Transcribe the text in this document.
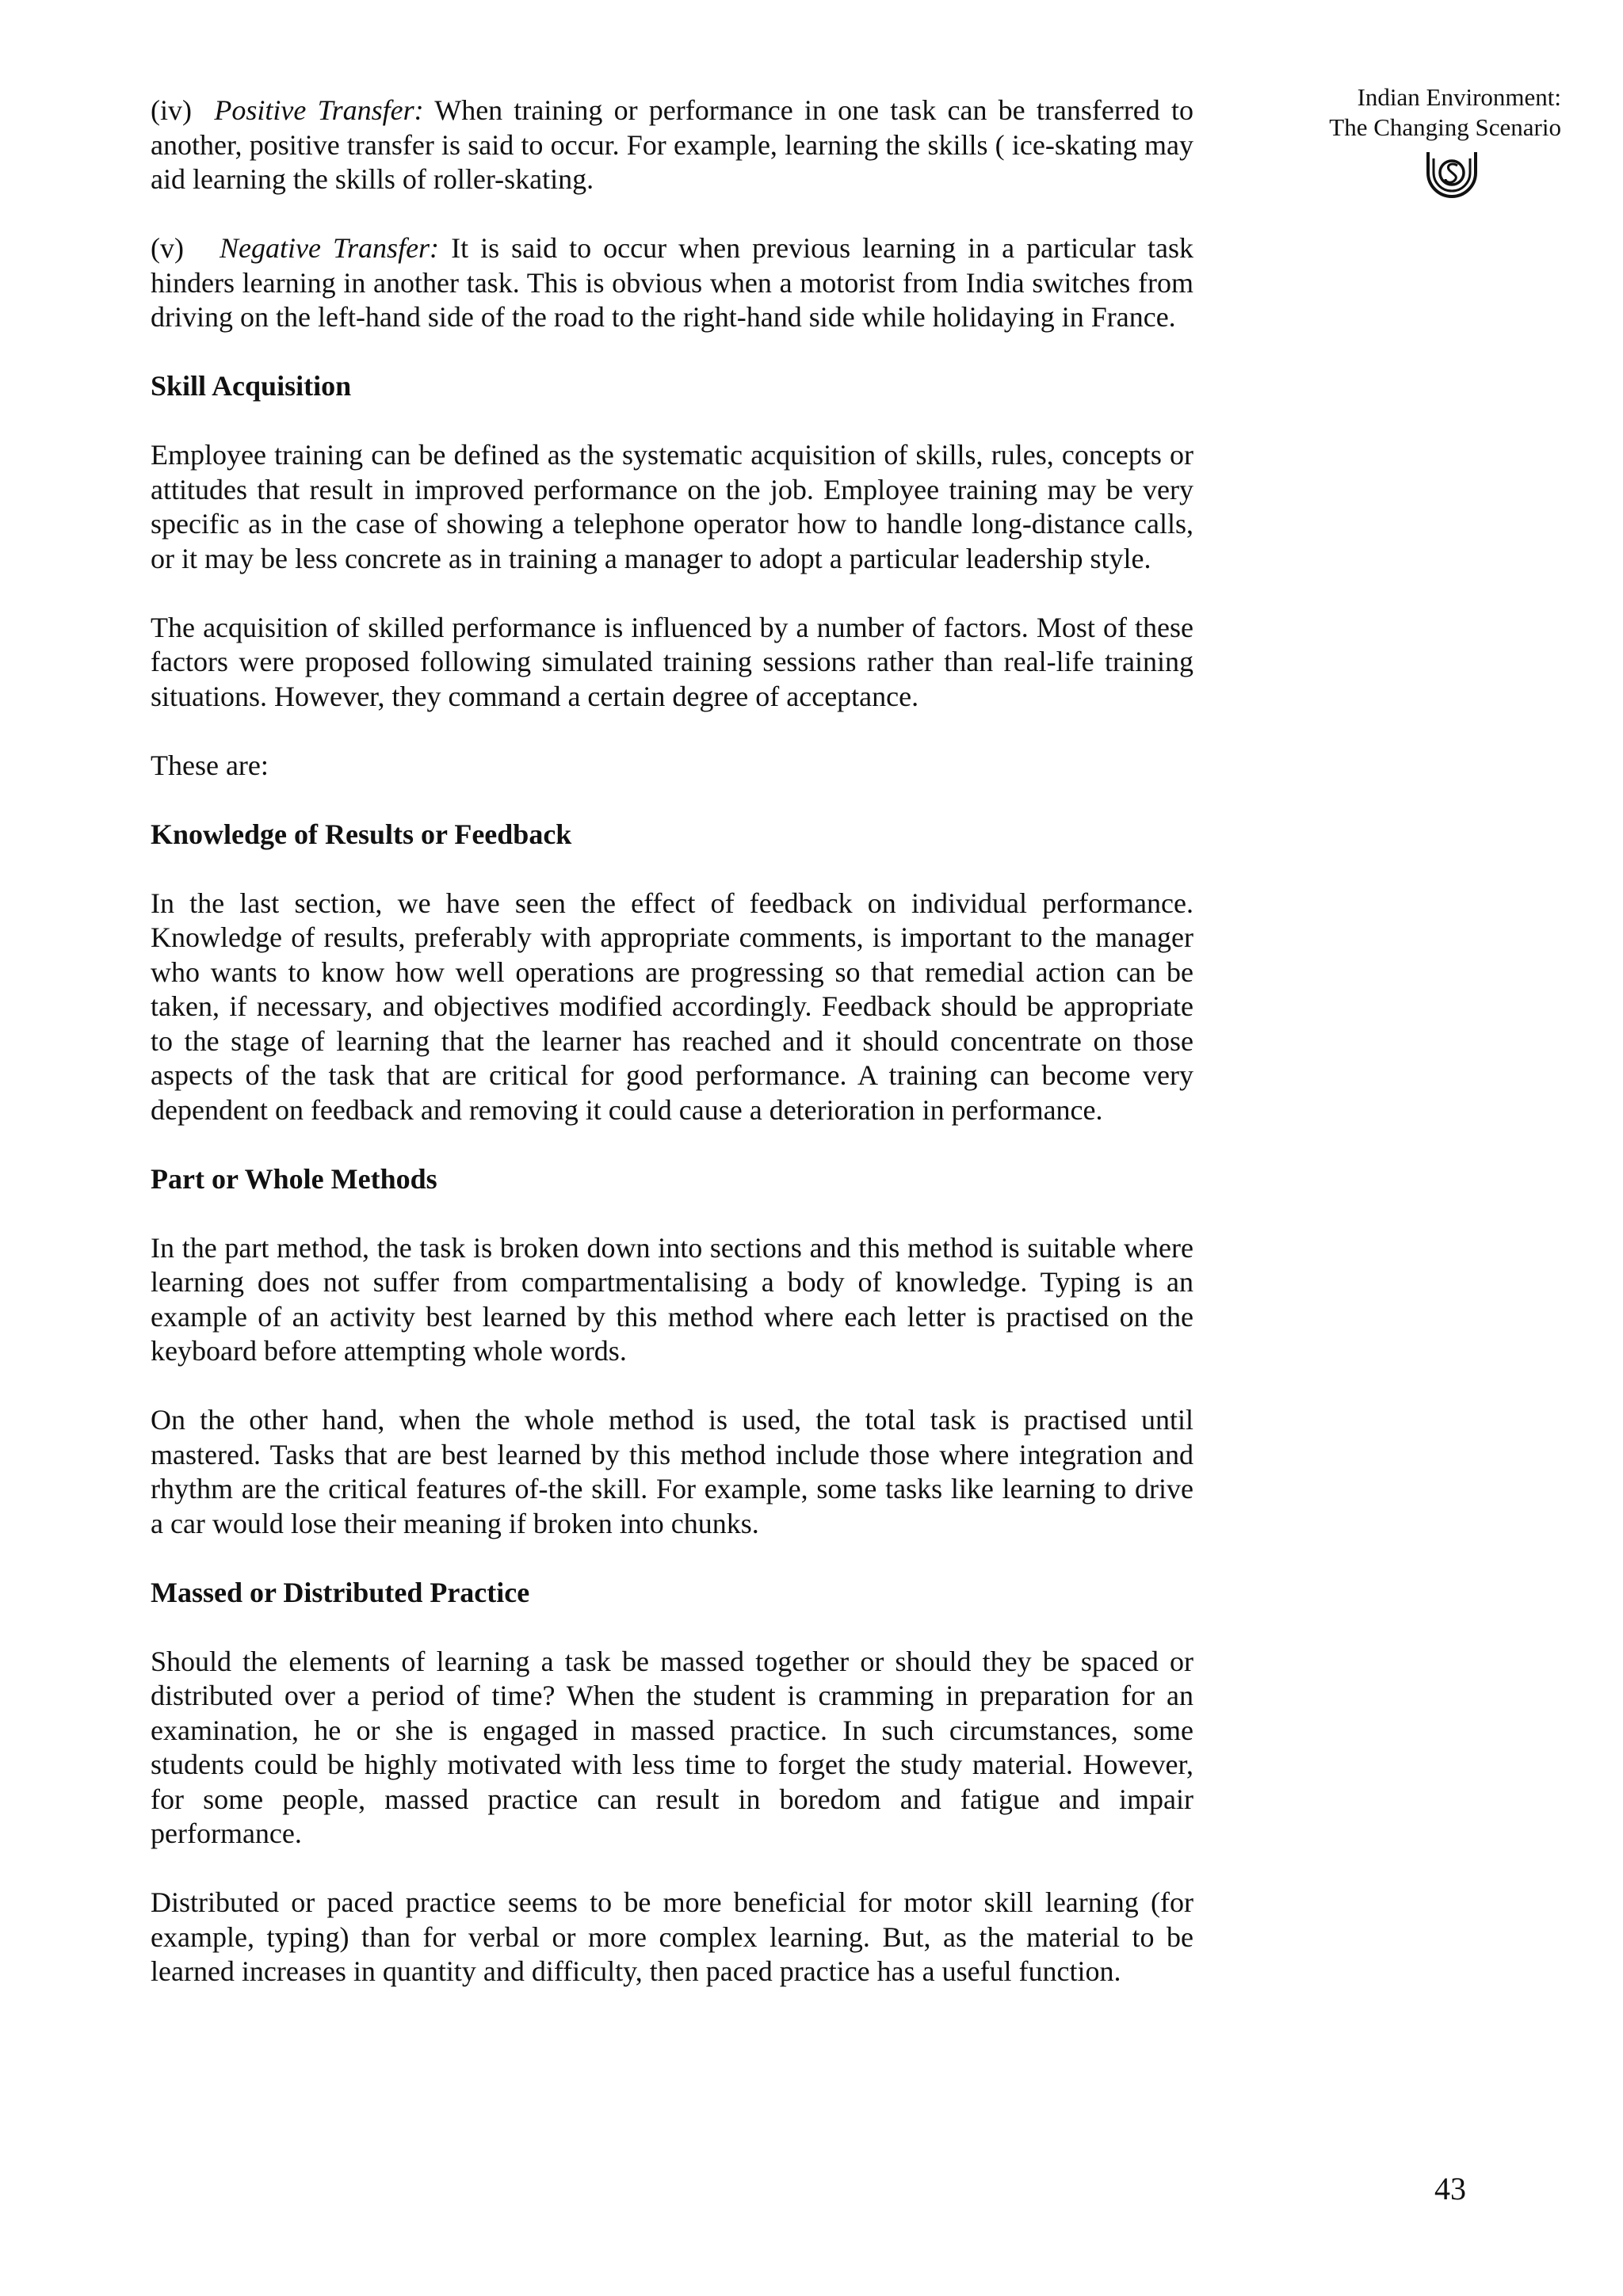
Indian Environment:
The Changing Scenario

(iv) Positive Transfer: When training or performance in one task can be transferred to another, positive transfer is said to occur. For example, learning the skills ( ice-skating may aid learning the skills of roller-skating.

(v) Negative Transfer: It is said to occur when previous learning in a particular task hinders learning in another task. This is obvious when a motorist from India switches from driving on the left-hand side of the road to the right-hand side while holidaying in France.

Skill Acquisition

Employee training can be defined as the systematic acquisition of skills, rules, concepts or attitudes that result in improved performance on the job. Employee training may be very specific as in the case of showing a telephone operator how to handle long-distance calls, or it may be less concrete as in training a manager to adopt a particular leadership style.

The acquisition of skilled performance is influenced by a number of factors. Most of these factors were proposed following simulated training sessions rather than real-life training situations. However, they command a certain degree of acceptance.

These are:

Knowledge of Results or Feedback

In the last section, we have seen the effect of feedback on individual performance. Knowledge of results, preferably with appropriate comments, is important to the manager who wants to know how well operations are progressing so that remedial action can be taken, if necessary, and objectives modified accordingly. Feedback should be appropriate to the stage of learning that the learner has reached and it should concentrate on those aspects of the task that are critical for good performance. A training can become very dependent on feedback and removing it could cause a deterioration in performance.

Part or Whole Methods

In the part method, the task is broken down into sections and this method is suitable where learning does not suffer from compartmentalising a body of knowledge. Typing is an example of an activity best learned by this method where each letter is practised on the keyboard before attempting whole words.

On the other hand, when the whole method is used, the total task is practised until mastered. Tasks that are best learned by this method include those where integration and rhythm are the critical features of-the skill. For example, some tasks like learning to drive a car would lose their meaning if broken into chunks.

Massed or Distributed Practice

Should the elements of learning a task be massed together or should they be spaced or distributed over a period of time? When the student is cramming in preparation for an examination, he or she is engaged in massed practice. In such circumstances, some students could be highly motivated with less time to forget the study material. However, for some people, massed practice can result in boredom and fatigue and impair performance.

Distributed or paced practice seems to be more beneficial for motor skill learning (for example, typing) than for verbal or more complex learning. But, as the material to be learned increases in quantity and difficulty, then paced practice has a useful function.

43
